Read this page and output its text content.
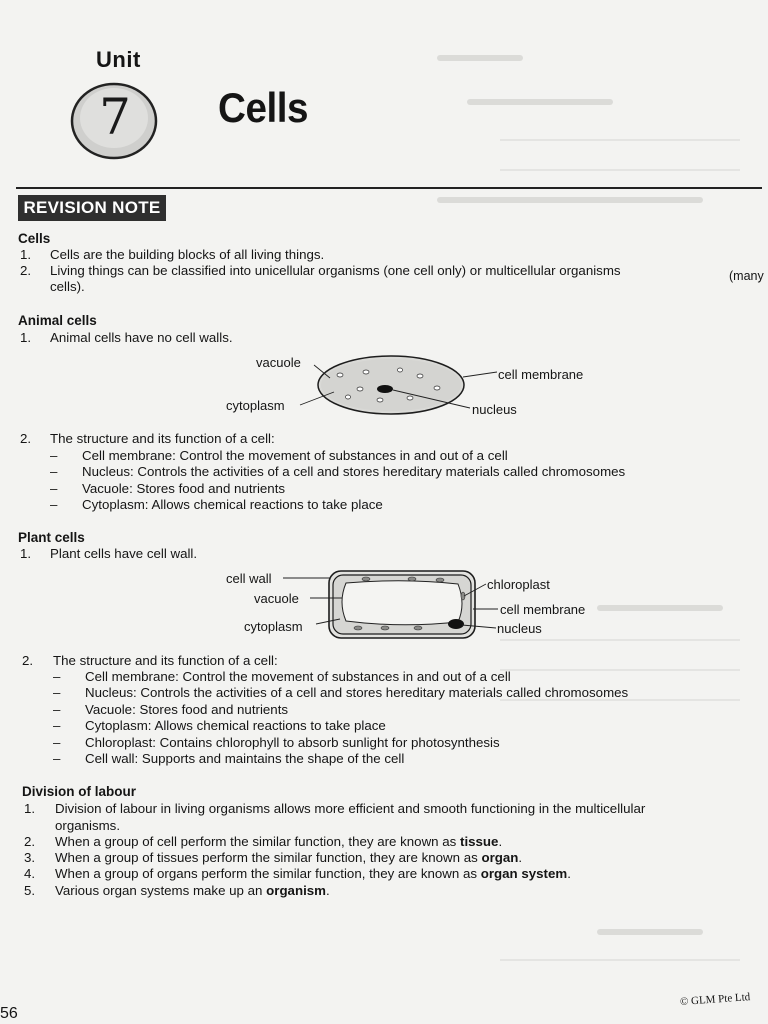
Unit
7 Cells
REVISION NOTE
Cells
1. Cells are the building blocks of all living things.
2. Living things can be classified into unicellular organisms (one cell only) or multicellular organisms	(many
cells).
Animal cells
1. Animal cells have no cell walls.
vacuole
cytoplasm
cell membrane
nucleus
2. The structure and its function of a cell:
– Cell membrane: Control the movement of substances in and out of a cell
– Nucleus: Controls the activities of a cell and stores hereditary materials called chromosomes
– Vacuole: Stores food and nutrients
– Cytoplasm: Allows chemical reactions to take place
Plant cells
1. Plant cells have cell wall.
cell wall
vacuole
cytoplasm
chloroplast
cell membrane
nucleus
2. The structure and its function of a cell:
– Cell membrane: Control the movement of substances in and out of a cell
– Nucleus: Controls the activities of a cell and stores hereditary materials called chromosomes
– Vacuole: Stores food and nutrients
– Cytoplasm: Allows chemical reactions to take place
– Chloroplast: Contains chlorophyll to absorb sunlight for photosynthesis
– Cell wall: Supports and maintains the shape of the cell
Division of labour
1. Division of labour in living organisms allows more efficient and smooth functioning in the multicellular
organisms.
2. When a group of cell perform the similar function, they are known as tissue.
3. When a group of tissues perform the similar function, they are known as organ.
4. When a group of organs perform the similar function, they are known as organ system.
5. Various organ systems make up an organism.
56
© GLM Pte Ltd
